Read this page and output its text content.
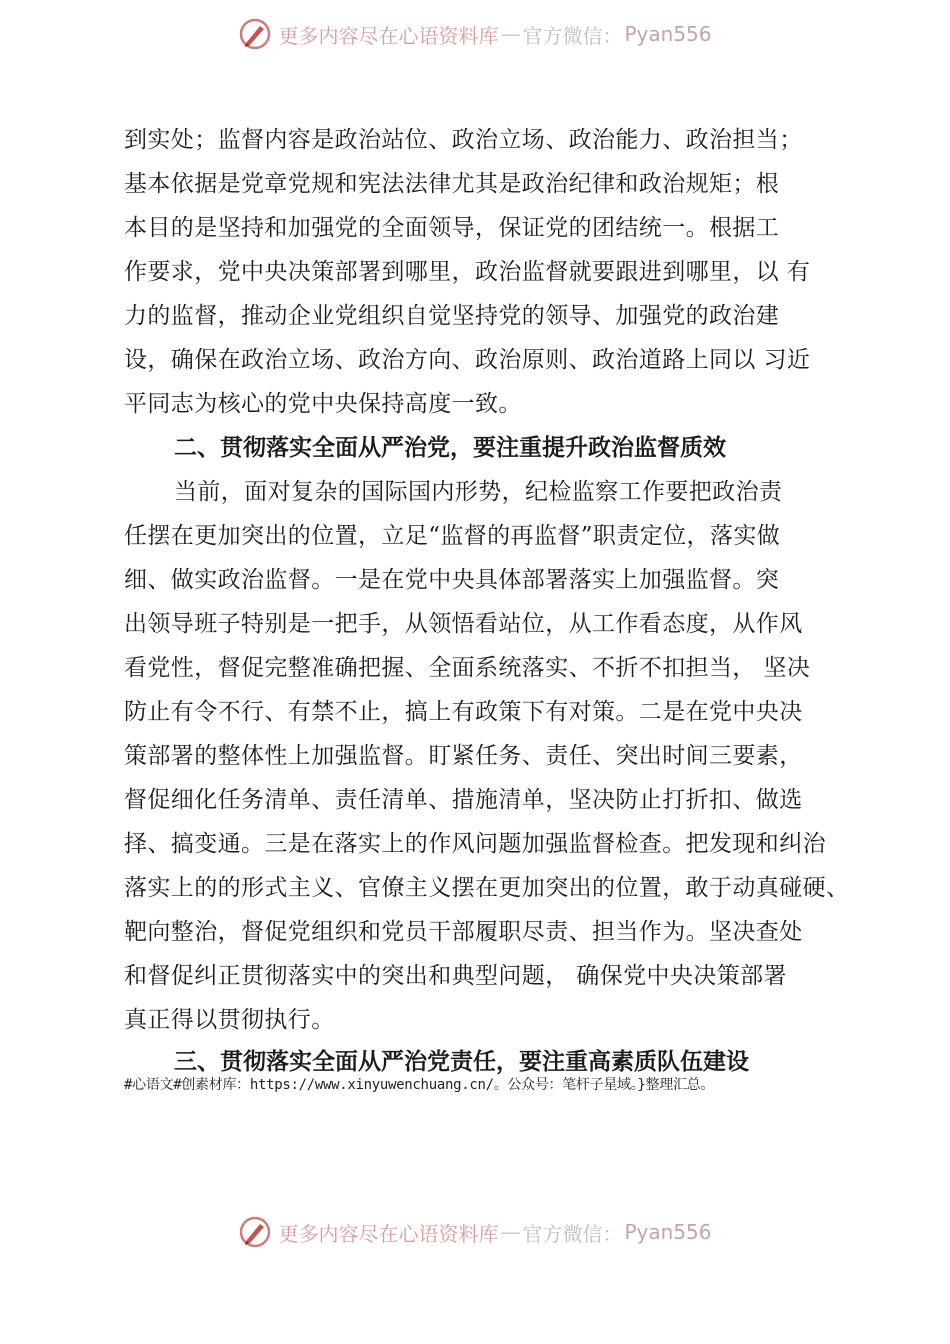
更多内容尽在心语资料库 — 官方微信： Pyan556
到实处；监督内容是政治站位、政治立场、政治能力、政治担当；
基本依据是党章党规和宪法法律尤其是政治纪律和政治规矩；根
本目的是坚持和加强党的全面领导，保证党的团结统一。根据工
作要求，党中央决策部署到哪里，政治监督就要跟进到哪里，以 有
力的监督，推动企业党组织自觉坚持党的领导、加强党的政治建
设，确保在政治立场、政治方向、政治原则、政治道路上同以 习近
平同志为核心的党中央保持高度一致。
二、贯彻落实全面从严治党，要注重提升政治监督质效
当前，面对复杂的国际国内形势，纪检监察工作要把政治责
任摆在更加突出的位置，立足“监督的再监督”职责定位，落实做
细、做实政治监督。一是在党中央具体部署落实上加强监督。突
出领导班子特别是一把手，从领悟看站位，从工作看态度，从作风
看党性，督促完整准确把握、全面系统落实、不折不扣担当， 坚决
防止有令不行、有禁不止，搞上有政策下有对策。二是在党中央决
策部署的整体性上加强监督。盯紧任务、责任、突出时间三要素，
督促细化任务清单、责任清单、措施清单，坚决防止打折扣、做选
择、搞变通。三是在落实上的作风问题加强监督检查。把发现和纠治
落实上的的形式主义、官僚主义摆在更加突出的位置，敢于动真碰硬、
靶向整治，督促党组织和党员干部履职尽责、担当作为。坚决查处
和督促纠正贯彻落实中的突出和典型问题， 确保党中央决策部署
真正得以贯彻执行。
三、贯彻落实全面从严治党责任，要注重高素质队伍建设
#心语文#创素材库：https://www.xinyuwenchuang.cn/。公众号：笔杆子星域。}整理汇总。
更多内容尽在心语资料库 — 官方微信： Pyan556
